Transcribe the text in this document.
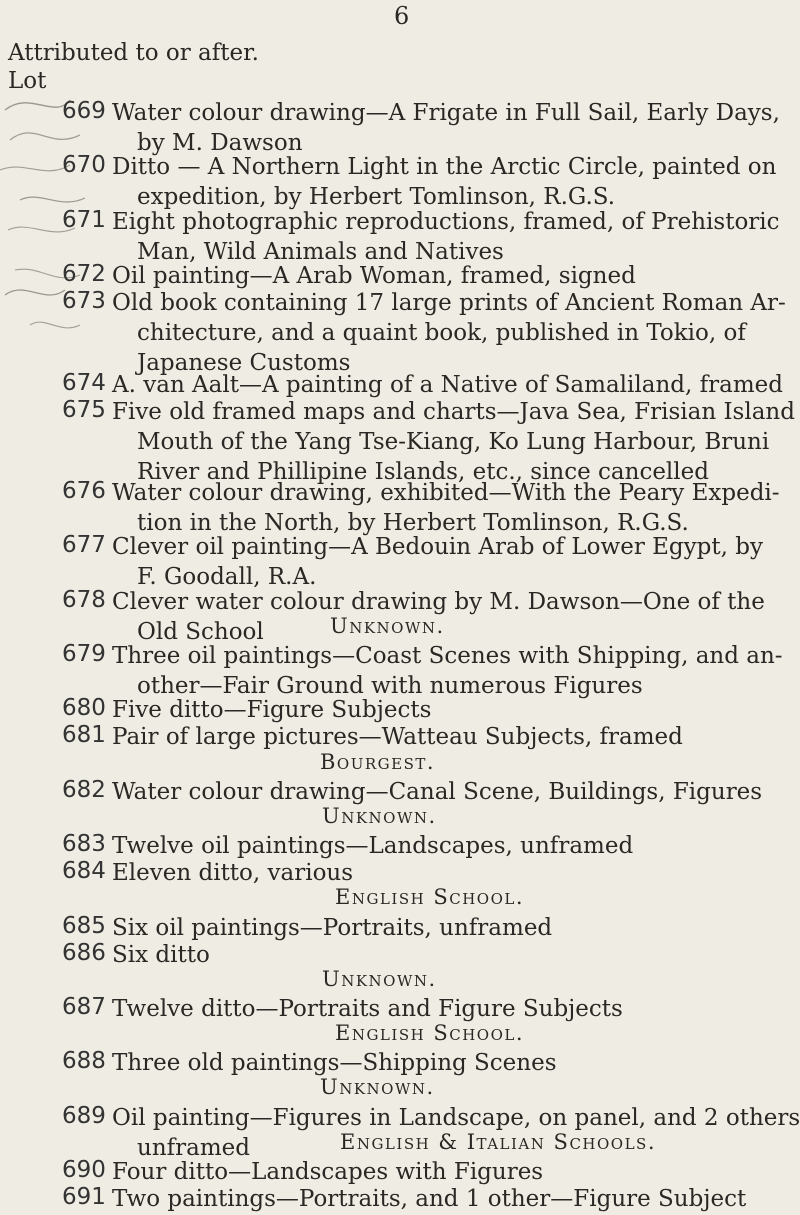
6
Attributed to or after.
Lot
669 Water colour drawing—A Frigate in Full Sail, Early Days,
by M. Dawson
670 Ditto — A Northern Light in the Arctic Circle, painted on
expedition, by Herbert Tomlinson, R.G.S.
671 Eight photographic reproductions, framed, of Prehistoric
Man, Wild Animals and Natives
672 Oil painting—A Arab Woman, framed, signed
673 Old book containing 17 large prints of Ancient Roman Ar-
chitecture, and a quaint book, published in Tokio, of
Japanese Customs
674 A. van Aalt—A painting of a Native of Samaliland, framed
675 Five old framed maps and charts—Java Sea, Frisian Island
Mouth of the Yang Tse-Kiang, Ko Lung Harbour, Bruni
River and Phillipine Islands, etc., since cancelled
676 Water colour drawing, exhibited—With the Peary Expedi-
tion in the North, by Herbert Tomlinson, R.G.S.
677 Clever oil painting—A Bedouin Arab of Lower Egypt, by
F. Goodall, R.A.
678 Clever water colour drawing by M. Dawson—One of the
Old School
679 Three oil paintings—Coast Scenes with Shipping, and an-
other—Fair Ground with numerous Figures
680 Five ditto—Figure Subjects
681 Pair of large pictures—Watteau Subjects, framed
682 Water colour drawing—Canal Scene, Buildings, Figures
683 Twelve oil paintings—Landscapes, unframed
684 Eleven ditto, various
685 Six oil paintings—Portraits, unframed
686 Six ditto
687 Twelve ditto—Portraits and Figure Subjects
688 Three old paintings—Shipping Scenes
689 Oil painting—Figures in Landscape, on panel, and 2 others
unframed
690 Four ditto—Landscapes with Figures
691 Two paintings—Portraits, and 1 other—Figure Subject
Unknown.
Bourgest.
Unknown.
English School.
Unknown.
English School.
Unknown.
English & Italian Schools.
